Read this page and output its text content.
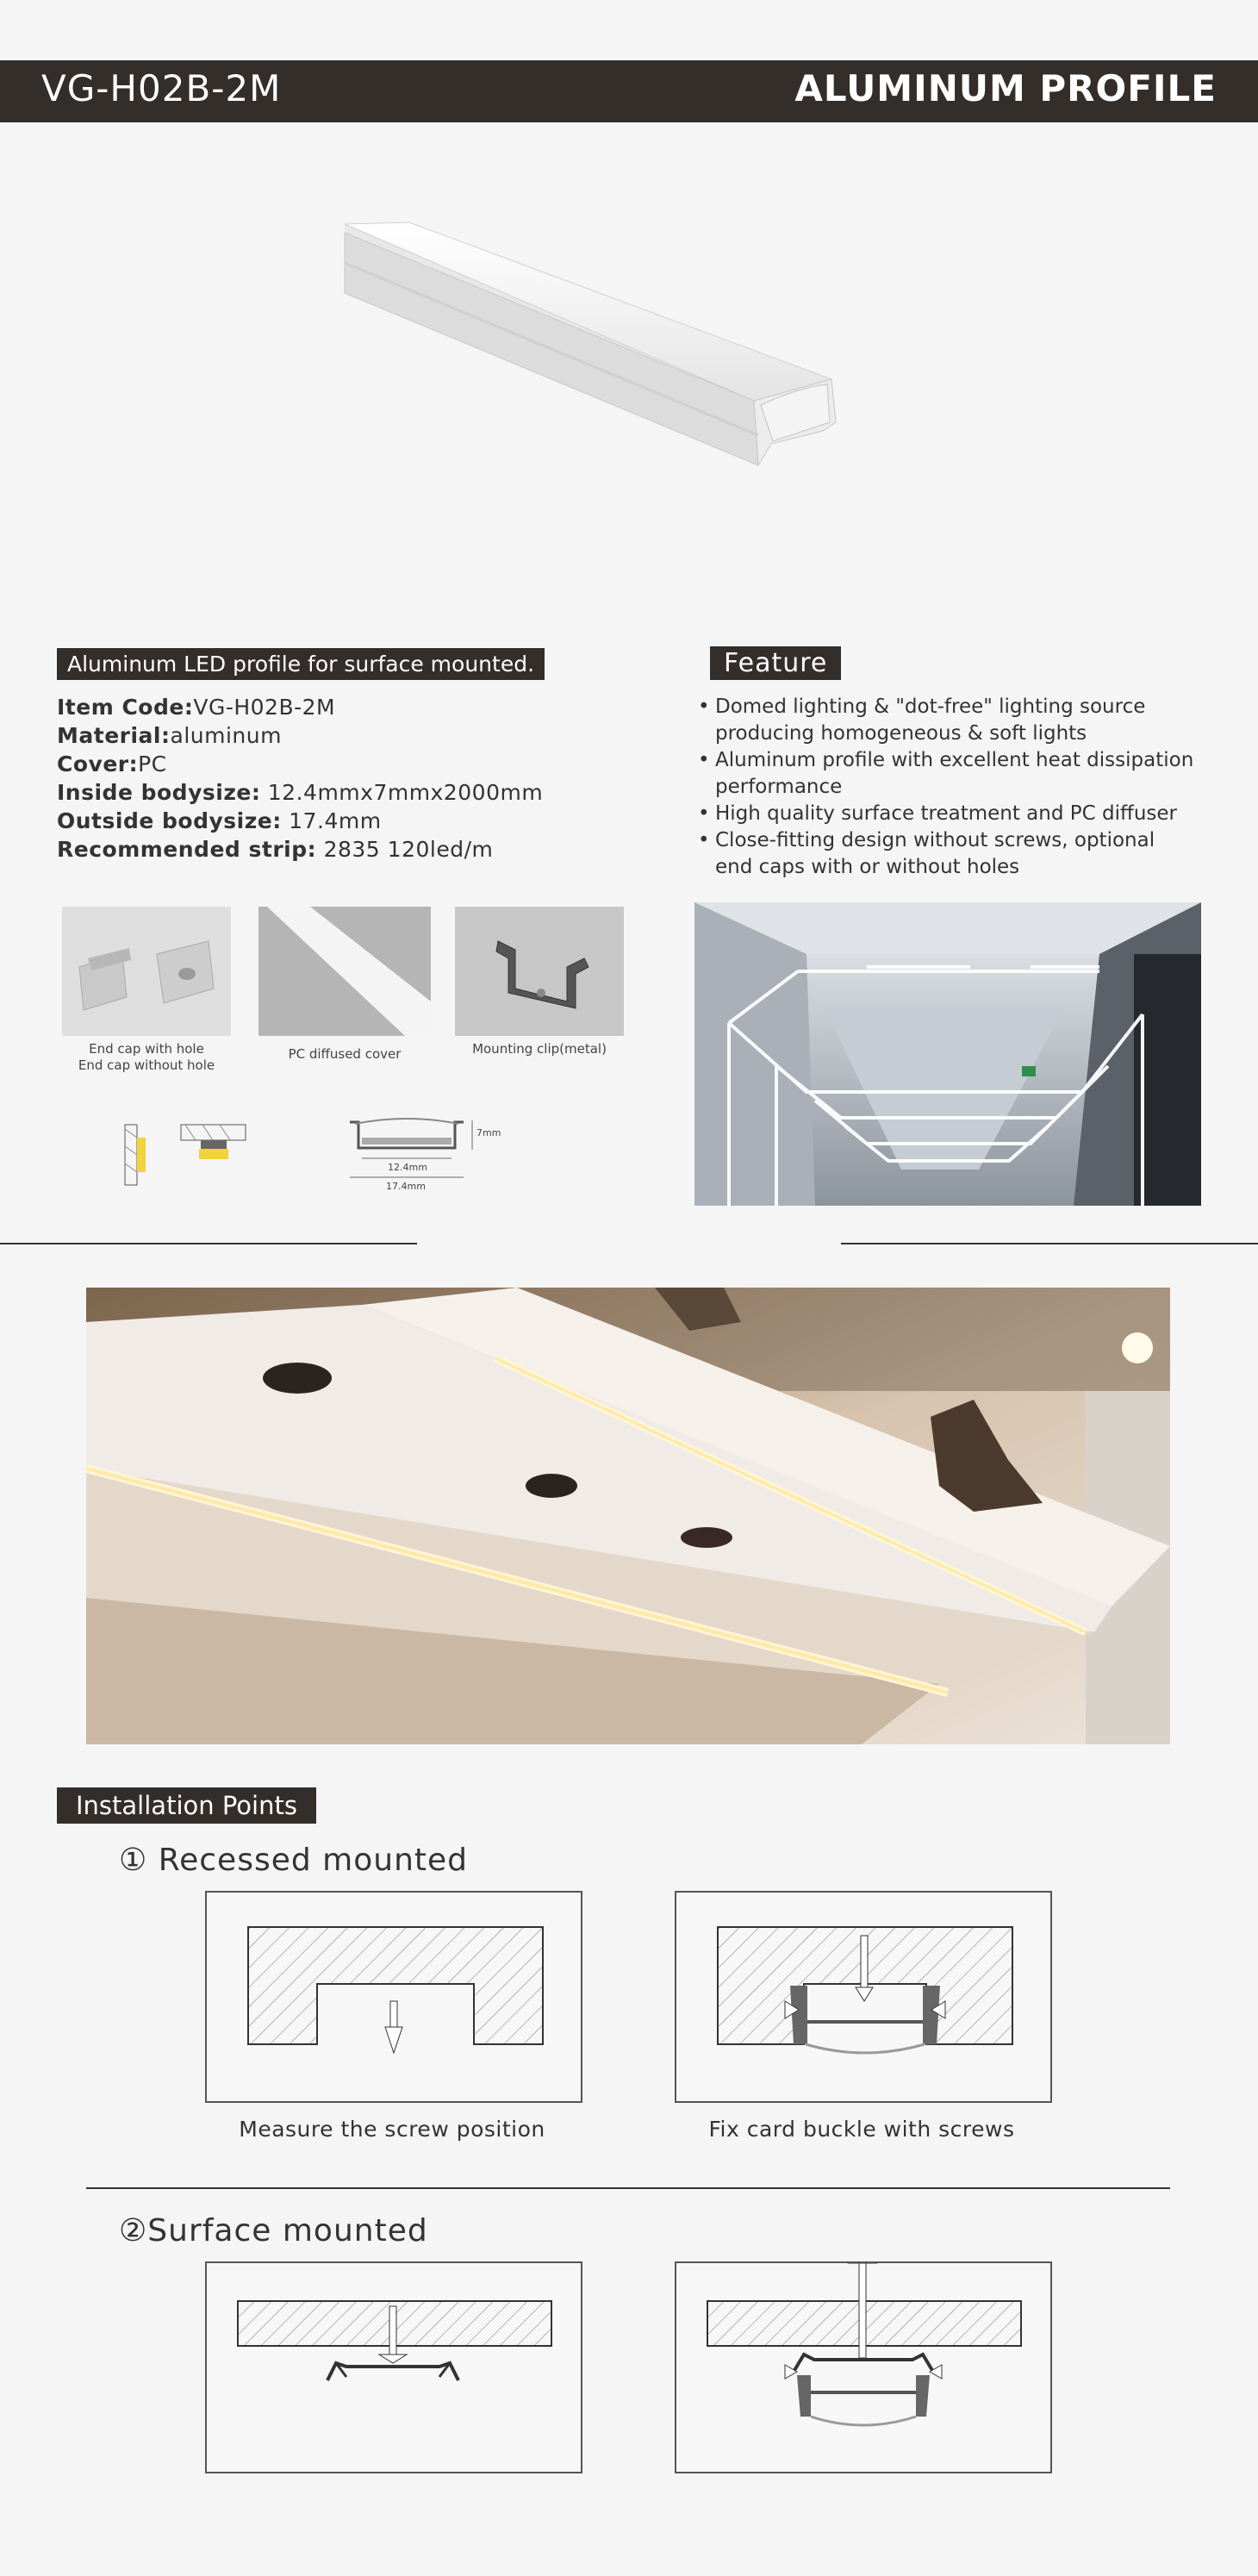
VG-H02B-2M	ALUMINUM PROFILE
Aluminum LED profile for surface mounted.
Item Code:VG-H02B-2M
Material:aluminum
Cover:PC
Inside bodysize: 12.4mmx7mmx2000mm
Outside bodysize: 17.4mm
Recommended strip: 2835 120led/m
End cap with hole
End cap without hole
PC diffused cover	Mounting clip(metal)
7mm
12.4mm
17.4mm
Feature
• Domed lighting & "dot-free" lighting source producing homogeneous & soft lights
• Aluminum profile with excellent heat dissipation performance
• High quality surface treatment and PC diffuser
• Close-fitting design without screws, optional end caps with or without holes
Installation Points
① Recessed mounted
Measure the screw position	Fix card buckle with screws
②Surface mounted
